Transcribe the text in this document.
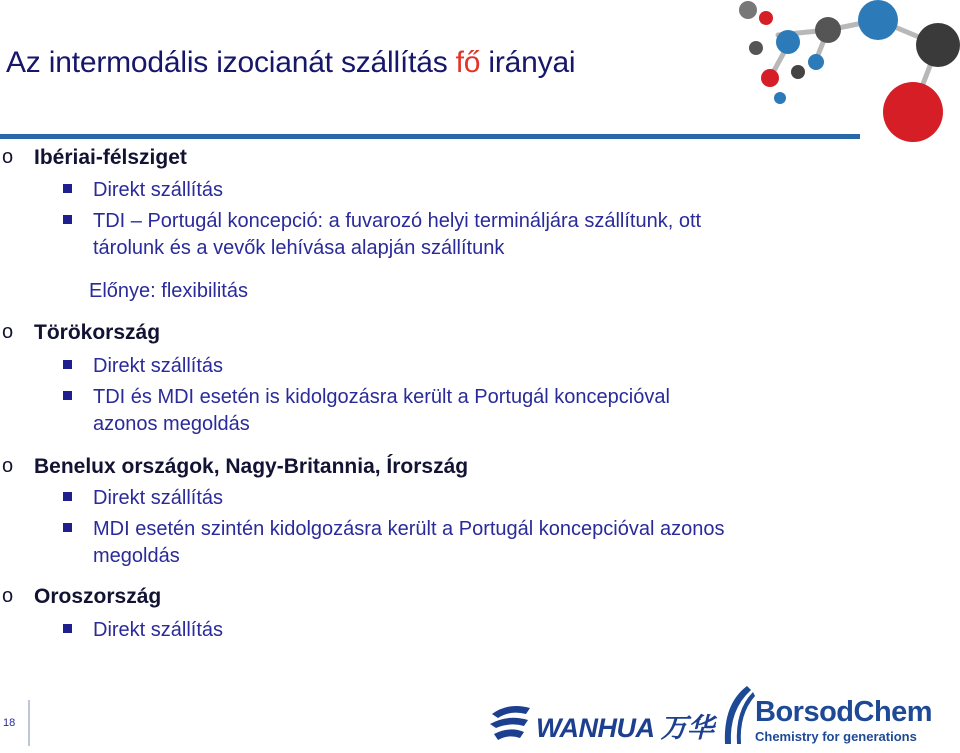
Az intermodális izocianát szállítás fő irányai
o Ibériai-félsziget
Direkt szállítás
TDI – Portugál koncepció: a fuvarozó helyi termináljára szállítunk, ott
tárolunk és a vevők lehívása alapján szállítunk
Előnye: flexibilitás
o Törökország
Direkt szállítás
TDI és MDI esetén is kidolgozásra került a Portugál koncepcióval
azonos megoldás
o Benelux országok, Nagy-Britannia, Írország
Direkt szállítás
MDI esetén szintén kidolgozásra került a Portugál koncepcióval azonos
megoldás
o Oroszország
Direkt szállítás
18	WANHUA 万华 BorsodChem
Chemistry for generations
